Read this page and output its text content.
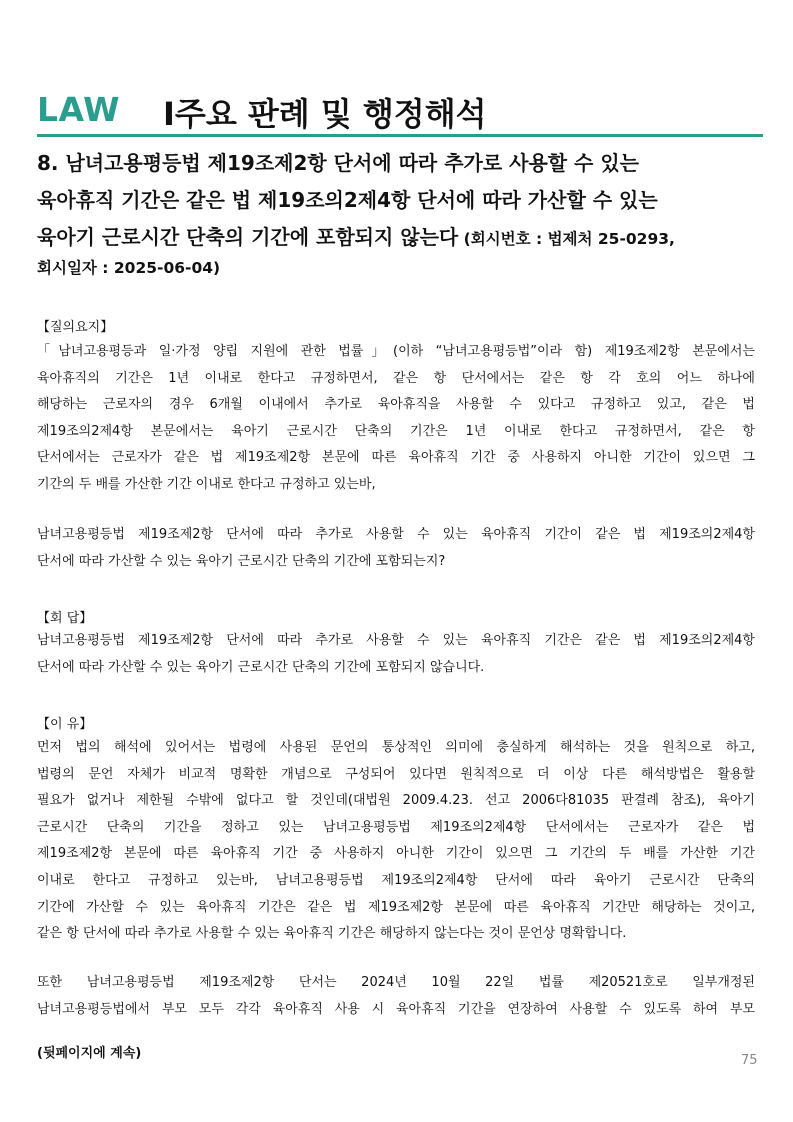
LAW Ⅰ주요 판례 및 행정해석
8. 남녀고용평등법 제19조제2항 단서에 따라 추가로 사용할 수 있는
육아휴직 기간은 같은 법 제19조의2제4항 단서에 따라 가산할 수 있는
육아기 근로시간 단축의 기간에 포함되지 않는다 (회시번호 : 법제처 25-0293,
회시일자 : 2025-06-04)
【질의요지】
「남녀고용평등과 일·가정 양립 지원에 관한 법률」(이하 “남녀고용평등법”이라 함) 제19조제2항 본문에서는
육아휴직의 기간은 1년 이내로 한다고 규정하면서, 같은 항 단서에서는 같은 항 각 호의 어느 하나에
해당하는 근로자의 경우 6개월 이내에서 추가로 육아휴직을 사용할 수 있다고 규정하고 있고, 같은 법
제19조의2제4항 본문에서는 육아기 근로시간 단축의 기간은 1년 이내로 한다고 규정하면서, 같은 항
단서에서는 근로자가 같은 법 제19조제2항 본문에 따른 육아휴직 기간 중 사용하지 아니한 기간이 있으면 그
기간의 두 배를 가산한 기간 이내로 한다고 규정하고 있는바,
남녀고용평등법 제19조제2항 단서에 따라 추가로 사용할 수 있는 육아휴직 기간이 같은 법 제19조의2제4항
단서에 따라 가산할 수 있는 육아기 근로시간 단축의 기간에 포함되는지?
【회 답】
남녀고용평등법 제19조제2항 단서에 따라 추가로 사용할 수 있는 육아휴직 기간은 같은 법 제19조의2제4항
단서에 따라 가산할 수 있는 육아기 근로시간 단축의 기간에 포함되지 않습니다.
【이 유】
먼저 법의 해석에 있어서는 법령에 사용된 문언의 통상적인 의미에 충실하게 해석하는 것을 원칙으로 하고,
법령의 문언 자체가 비교적 명확한 개념으로 구성되어 있다면 원칙적으로 더 이상 다른 해석방법은 활용할
필요가 없거나 제한될 수밖에 없다고 할 것인데(대법원 2009.4.23. 선고 2006다81035 판결례 참조), 육아기
근로시간 단축의 기간을 정하고 있는 남녀고용평등법 제19조의2제4항 단서에서는 근로자가 같은 법
제19조제2항 본문에 따른 육아휴직 기간 중 사용하지 아니한 기간이 있으면 그 기간의 두 배를 가산한 기간
이내로 한다고 규정하고 있는바, 남녀고용평등법 제19조의2제4항 단서에 따라 육아기 근로시간 단축의
기간에 가산할 수 있는 육아휴직 기간은 같은 법 제19조제2항 본문에 따른 육아휴직 기간만 해당하는 것이고,
같은 항 단서에 따라 추가로 사용할 수 있는 육아휴직 기간은 해당하지 않는다는 것이 문언상 명확합니다.
또한 남녀고용평등법 제19조제2항 단서는 2024년 10월 22일 법률 제20521호로 일부개정된
남녀고용평등법에서 부모 모두 각각 육아휴직 사용 시 육아휴직 기간을 연장하여 사용할 수 있도록 하여 부모
(뒷페이지에 계속)	75
